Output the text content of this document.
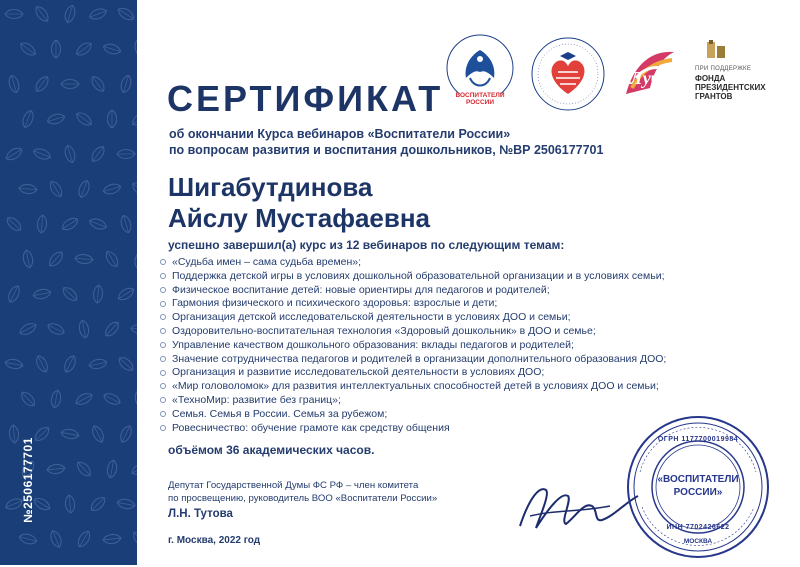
№2506177701
ВОСПИТАТЕЛИ РОССИИ
Луч	ПРИ ПОДДЕРЖКЕ
ФОНДА
ПРЕЗИДЕНТСКИХ
ГРАНТОВ
СЕРТИФИКАТ
об окончании Курса вебинаров «Воспитатели России»
по вопросам развития и воспитания дошкольников, №ВР 2506177701
Шигабутдинова
Айслу Мустафаевна
успешно завершил(а) курс из 12 вебинаров по следующим темам:
«Судьба имен – сама судьба времен»;
Поддержка детской игры в условиях дошкольной образовательной организации и в условиях семьи;
Физическое воспитание детей: новые ориентиры для педагогов и родителей;
Гармония физического и психического здоровья: взрослые и дети;
Организация детской исследовательской деятельности в условиях ДОО и семьи;
Оздоровительно-воспитательная технология «Здоровый дошкольник» в ДОО и семье;
Управление качеством дошкольного образования: вклады педагогов и родителей;
Значение сотрудничества педагогов и родителей в организации дополнительного образования ДОО;
Организация и развитие исследовательской деятельности в условиях ДОО;
«Мир головоломок» для развития интеллектуальных способностей детей в условиях ДОО и семьи;
«ТехноМир: развитие без границ»;
Семья. Семья в России. Семья за рубежом;
Ровесничество: обучение грамоте как средству общения
объёмом 36 академических часов.
Депутат Государственной Думы ФС РФ – член комитета
по просвещению, руководитель ВОО «Воспитатели России»
Л.Н. Тутова
г. Москва, 2022 год
ОГРН 1177700019984
«ВОСПИТАТЕЛИ
РОССИИ»
ИНН 7702426622
МОСКВА
